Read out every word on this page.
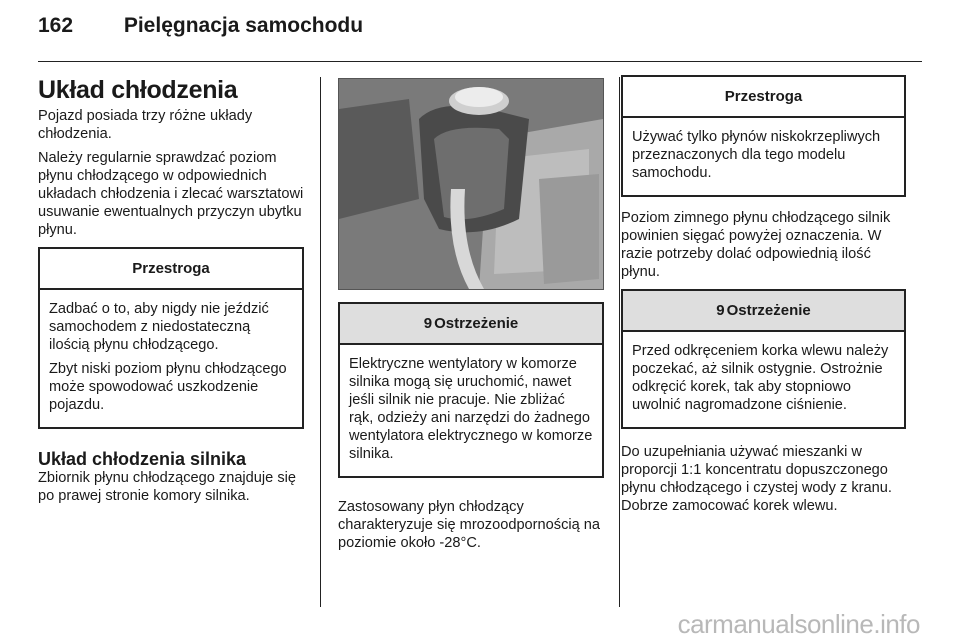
162 Pielęgnacja samochodu
Układ chłodzenia

Pojazd posiada trzy różne układy chłodzenia.

Należy regularnie sprawdzać poziom płynu chłodzącego w odpowiednich układach chłodzenia i zlecać warsztatowi usuwanie ewentualnych przyczyn ubytku płynu.

Przestroga

Zadbać o to, aby nigdy nie jeździć samochodem z niedostateczną ilością płynu chłodzącego.

Zbyt niski poziom płynu chłodzącego może spowodować uszkodzenie pojazdu.

Układ chłodzenia silnika

Zbiornik płynu chłodzącego znajduje się po prawej stronie komory silnika.

9 Ostrzeżenie

Elektryczne wentylatory w komorze silnika mogą się uruchomić, nawet jeśli silnik nie pracuje. Nie zbliżać rąk, odzieży ani narzędzi do żadnego wentylatora elektrycznego w komorze silnika.

Zastosowany płyn chłodzący charakteryzuje się mrozoodpornością na poziomie około -28°C.

Przestroga

Używać tylko płynów niskokrzepliwych przeznaczonych dla tego modelu samochodu.

Poziom zimnego płynu chłodzącego silnik powinien sięgać powyżej oznaczenia. W razie potrzeby dolać odpowiednią ilość płynu.

9 Ostrzeżenie

Przed odkręceniem korka wlewu należy poczekać, aż silnik ostygnie. Ostrożnie odkręcić korek, tak aby stopniowo uwolnić nagromadzone ciśnienie.

Do uzupełniania używać mieszanki w proporcji 1:1 koncentratu dopuszczonego płynu chłodzącego i czystej wody z kranu. Dobrze zamocować korek wlewu.

carmanualsonline.info
